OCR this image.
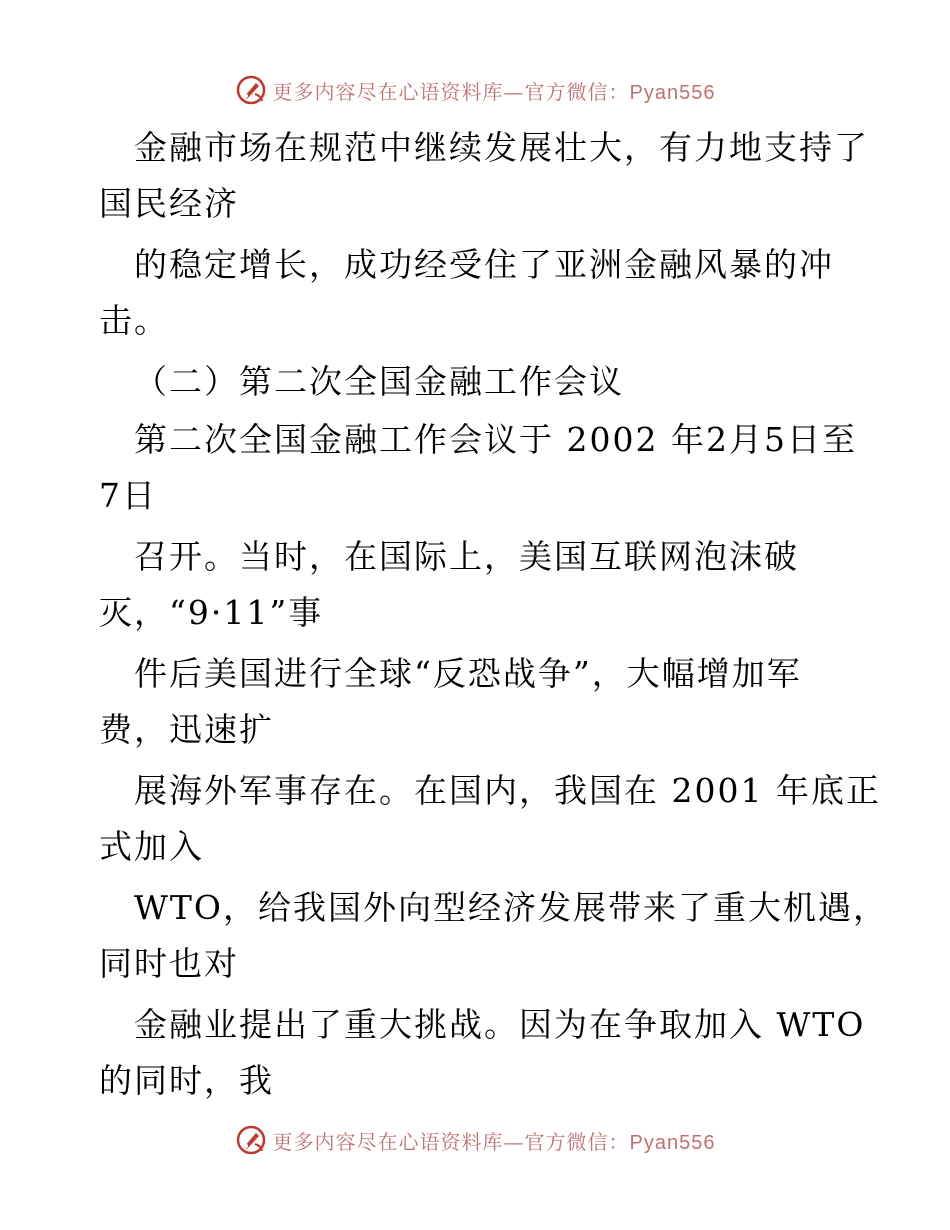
更多内容尽在心语资料库—官方微信：Pyan556
金融市场在规范中继续发展壮大，有力地支持了
国民经济
的稳定增长，成功经受住了亚洲金融风暴的冲
击。
（二）第二次全国金融工作会议
第二次全国金融工作会议于 2002 年2月5日至
7日
召开。当时，在国际上，美国互联网泡沫破
灭，“9·11”事
件后美国进行全球“反恐战争”，大幅增加军
费，迅速扩
展海外军事存在。在国内，我国在 2001 年底正
式加入
WTO，给我国外向型经济发展带来了重大机遇，
同时也对
金融业提出了重大挑战。因为在争取加入 WTO
的同时，我
更多内容尽在心语资料库—官方微信：Pyan556
